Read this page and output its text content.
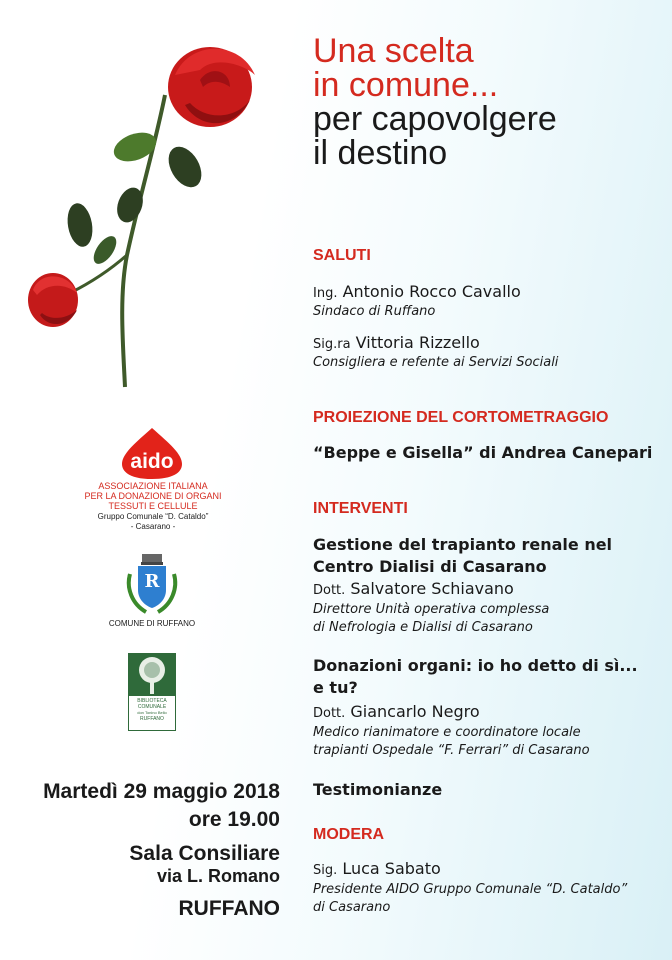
Una scelta
in comune...
per capovolgere
il destino
SALUTI
Ing. Antonio Rocco Cavallo
Sindaco di Ruffano
Sig.ra Vittoria Rizzello
Consigliera e refente ai Servizi Sociali
PROIEZIONE DEL CORTOMETRAGGIO
“Beppe e Gisella” di Andrea Canepari
INTERVENTI
Gestione del trapianto renale nel
Centro Dialisi di Casarano
Dott. Salvatore Schiavano
Direttore Unità operativa complessa
di Nefrologia e Dialisi di Casarano
Donazioni organi: io ho detto di sì...
e tu?
Dott. Giancarlo Negro
Medico rianimatore e coordinatore locale
trapianti Ospedale “F. Ferrari” di Casarano
Testimonianze
MODERA
Sig. Luca Sabato
Presidente AIDO Gruppo Comunale “D. Cataldo”
di Casarano
aido
ASSOCIAZIONE ITALIANA
PER LA DONAZIONE DI ORGANI
TESSUTI E CELLULE
Gruppo Comunale “D. Cataldo”
- Casarano -
R
COMUNE DI RUFFANO
BIBLIOTECA
COMUNALE
don Tonino Bello
RUFFANO
Martedì 29 maggio 2018
ore 19.00
Sala Consiliare
via L. Romano
RUFFANO
